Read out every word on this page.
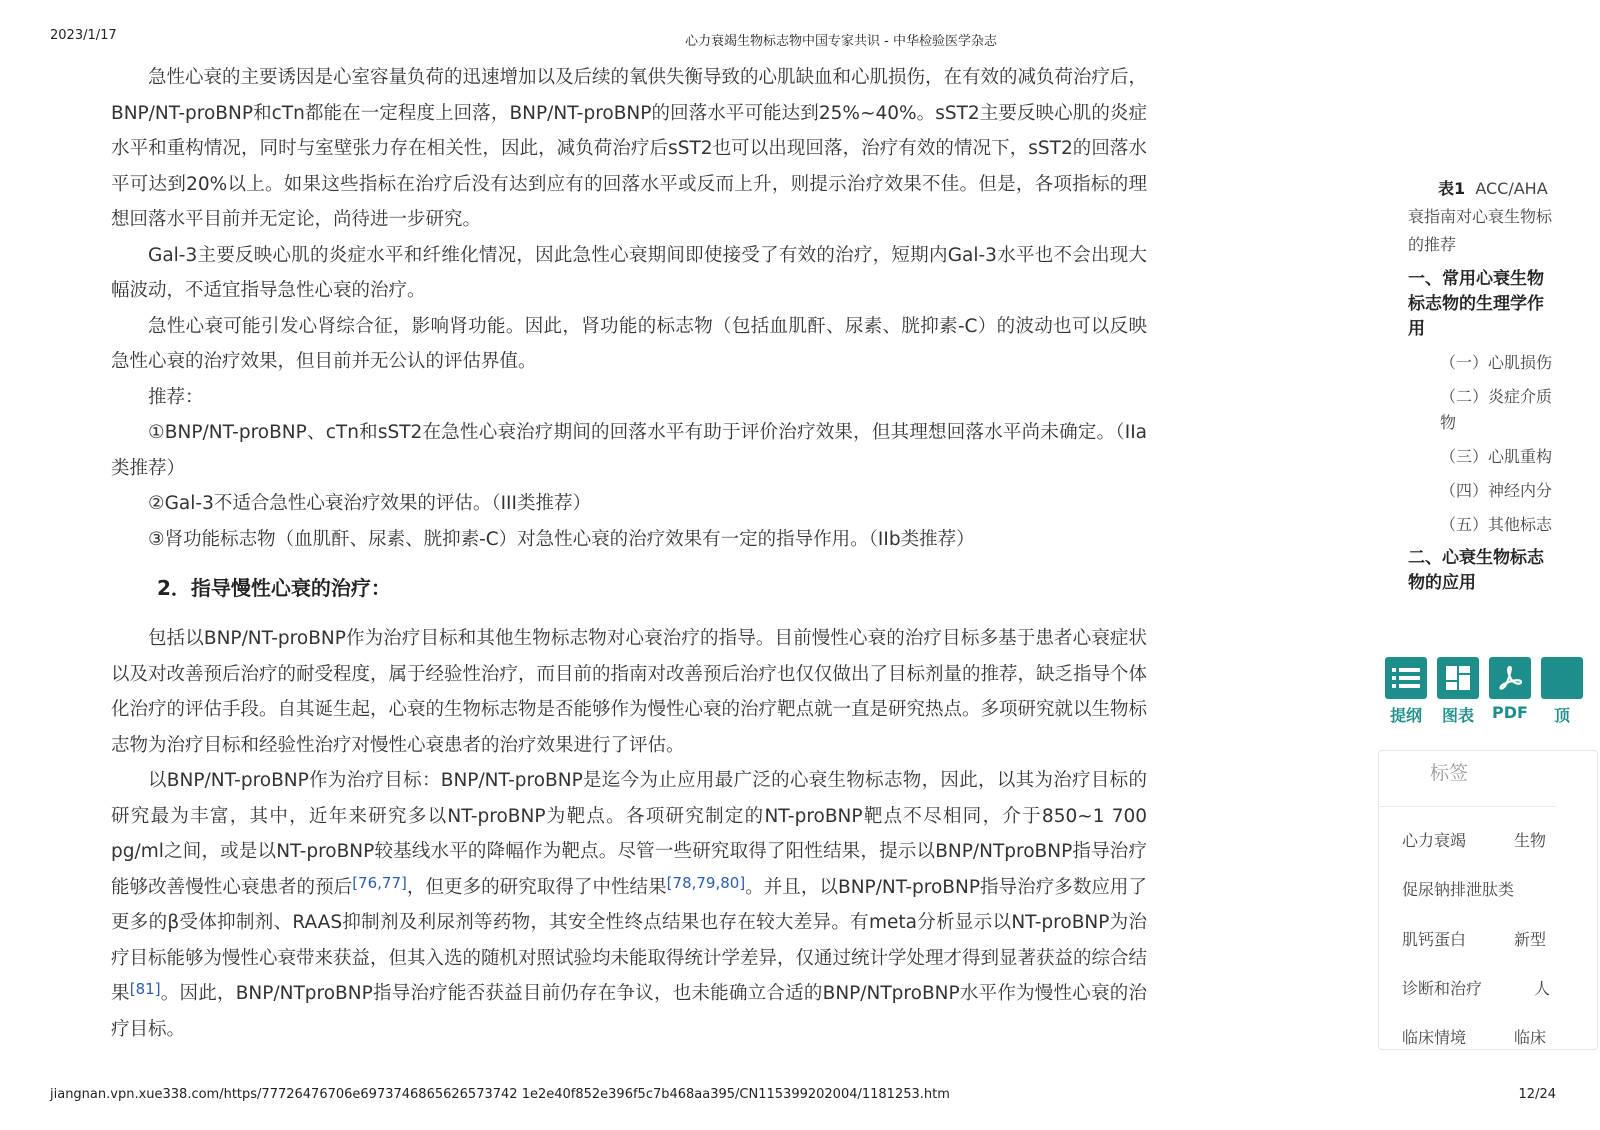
2023/1/17	心力衰竭生物标志物中国专家共识 - 中华检验医学杂志

急性心衰的主要诱因是心室容量负荷的迅速增加以及后续的氧供失衡导致的心肌缺血和心肌损伤，在有效的减负荷治疗后，BNP/NT-proBNP和cTn都能在一定程度上回落，BNP/NT-proBNP的回落水平可能达到25%~40%。sST2主要反映心肌的炎症水平和重构情况，同时与室壁张力存在相关性，因此，减负荷治疗后sST2也可以出现回落，治疗有效的情况下，sST2的回落水平可达到20%以上。如果这些指标在治疗后没有达到应有的回落水平或反而上升，则提示治疗效果不佳。但是，各项指标的理想回落水平目前并无定论，尚待进一步研究。

Gal-3主要反映心肌的炎症水平和纤维化情况，因此急性心衰期间即使接受了有效的治疗，短期内Gal-3水平也不会出现大幅波动，不适宜指导急性心衰的治疗。

急性心衰可能引发心肾综合征，影响肾功能。因此，肾功能的标志物（包括血肌酐、尿素、胱抑素-C）的波动也可以反映急性心衰的治疗效果，但目前并无公认的评估界值。

推荐：

①BNP/NT-proBNP、cTn和sST2在急性心衰治疗期间的回落水平有助于评价治疗效果，但其理想回落水平尚未确定。（IIa类推荐）

②Gal-3不适合急性心衰治疗效果的评估。（III类推荐）

③肾功能标志物（血肌酐、尿素、胱抑素-C）对急性心衰的治疗效果有一定的指导作用。（IIb类推荐）

2．指导慢性心衰的治疗：

包括以BNP/NT-proBNP作为治疗目标和其他生物标志物对心衰治疗的指导。目前慢性心衰的治疗目标多基于患者心衰症状以及对改善预后治疗的耐受程度，属于经验性治疗，而目前的指南对改善预后治疗也仅仅做出了目标剂量的推荐，缺乏指导个体化治疗的评估手段。自其诞生起，心衰的生物标志物是否能够作为慢性心衰的治疗靶点就一直是研究热点。多项研究就以生物标志物为治疗目标和经验性治疗对慢性心衰患者的治疗效果进行了评估。

以BNP/NT-proBNP作为治疗目标：BNP/NT-proBNP是迄今为止应用最广泛的心衰生物标志物，因此，以其为治疗目标的研究最为丰富，其中，近年来研究多以NT-proBNP为靶点。各项研究制定的NT-proBNP靶点不尽相同，介于850~1 700 pg/ml之间，或是以NT-proBNP较基线水平的降幅作为靶点。尽管一些研究取得了阳性结果，提示以BNP/NTproBNP指导治疗能够改善慢性心衰患者的预后[76,77]，但更多的研究取得了中性结果[78,79,80]。并且，以BNP/NT-proBNP指导治疗多数应用了更多的β受体抑制剂、RAAS抑制剂及利尿剂等药物，其安全性终点结果也存在较大差异。有meta分析显示以NT-proBNP为治疗目标能够为慢性心衰带来获益，但其入选的随机对照试验均未能取得统计学差异，仅通过统计学处理才得到显著获益的综合结果[81]。因此，BNP/NTproBNP指导治疗能否获益目前仍存在争议，也未能确立合适的BNP/NTproBNP水平作为慢性心衰的治疗目标。

表1 ACC/AHA
衰指南对心衰生物标
的推荐
一、常用心衰生物标志物的生理学作用
（一）心肌损伤
（二）炎症介质物
（三）心肌重构
（四）神经内分
（五）其他标志
二、心衰生物标志物的应用
提纲	图表	PDF	顶
标签
心力衰竭	生物
促尿钠排泄肽类
肌钙蛋白	新型
诊断和治疗	人
临床情境	临床
jiangnan.vpn.xue338.com/https/77726476706e6973746865626573742 1e2e40f852e396f5c7b468aa395/CN115399202004/1181253.htm	12/24
